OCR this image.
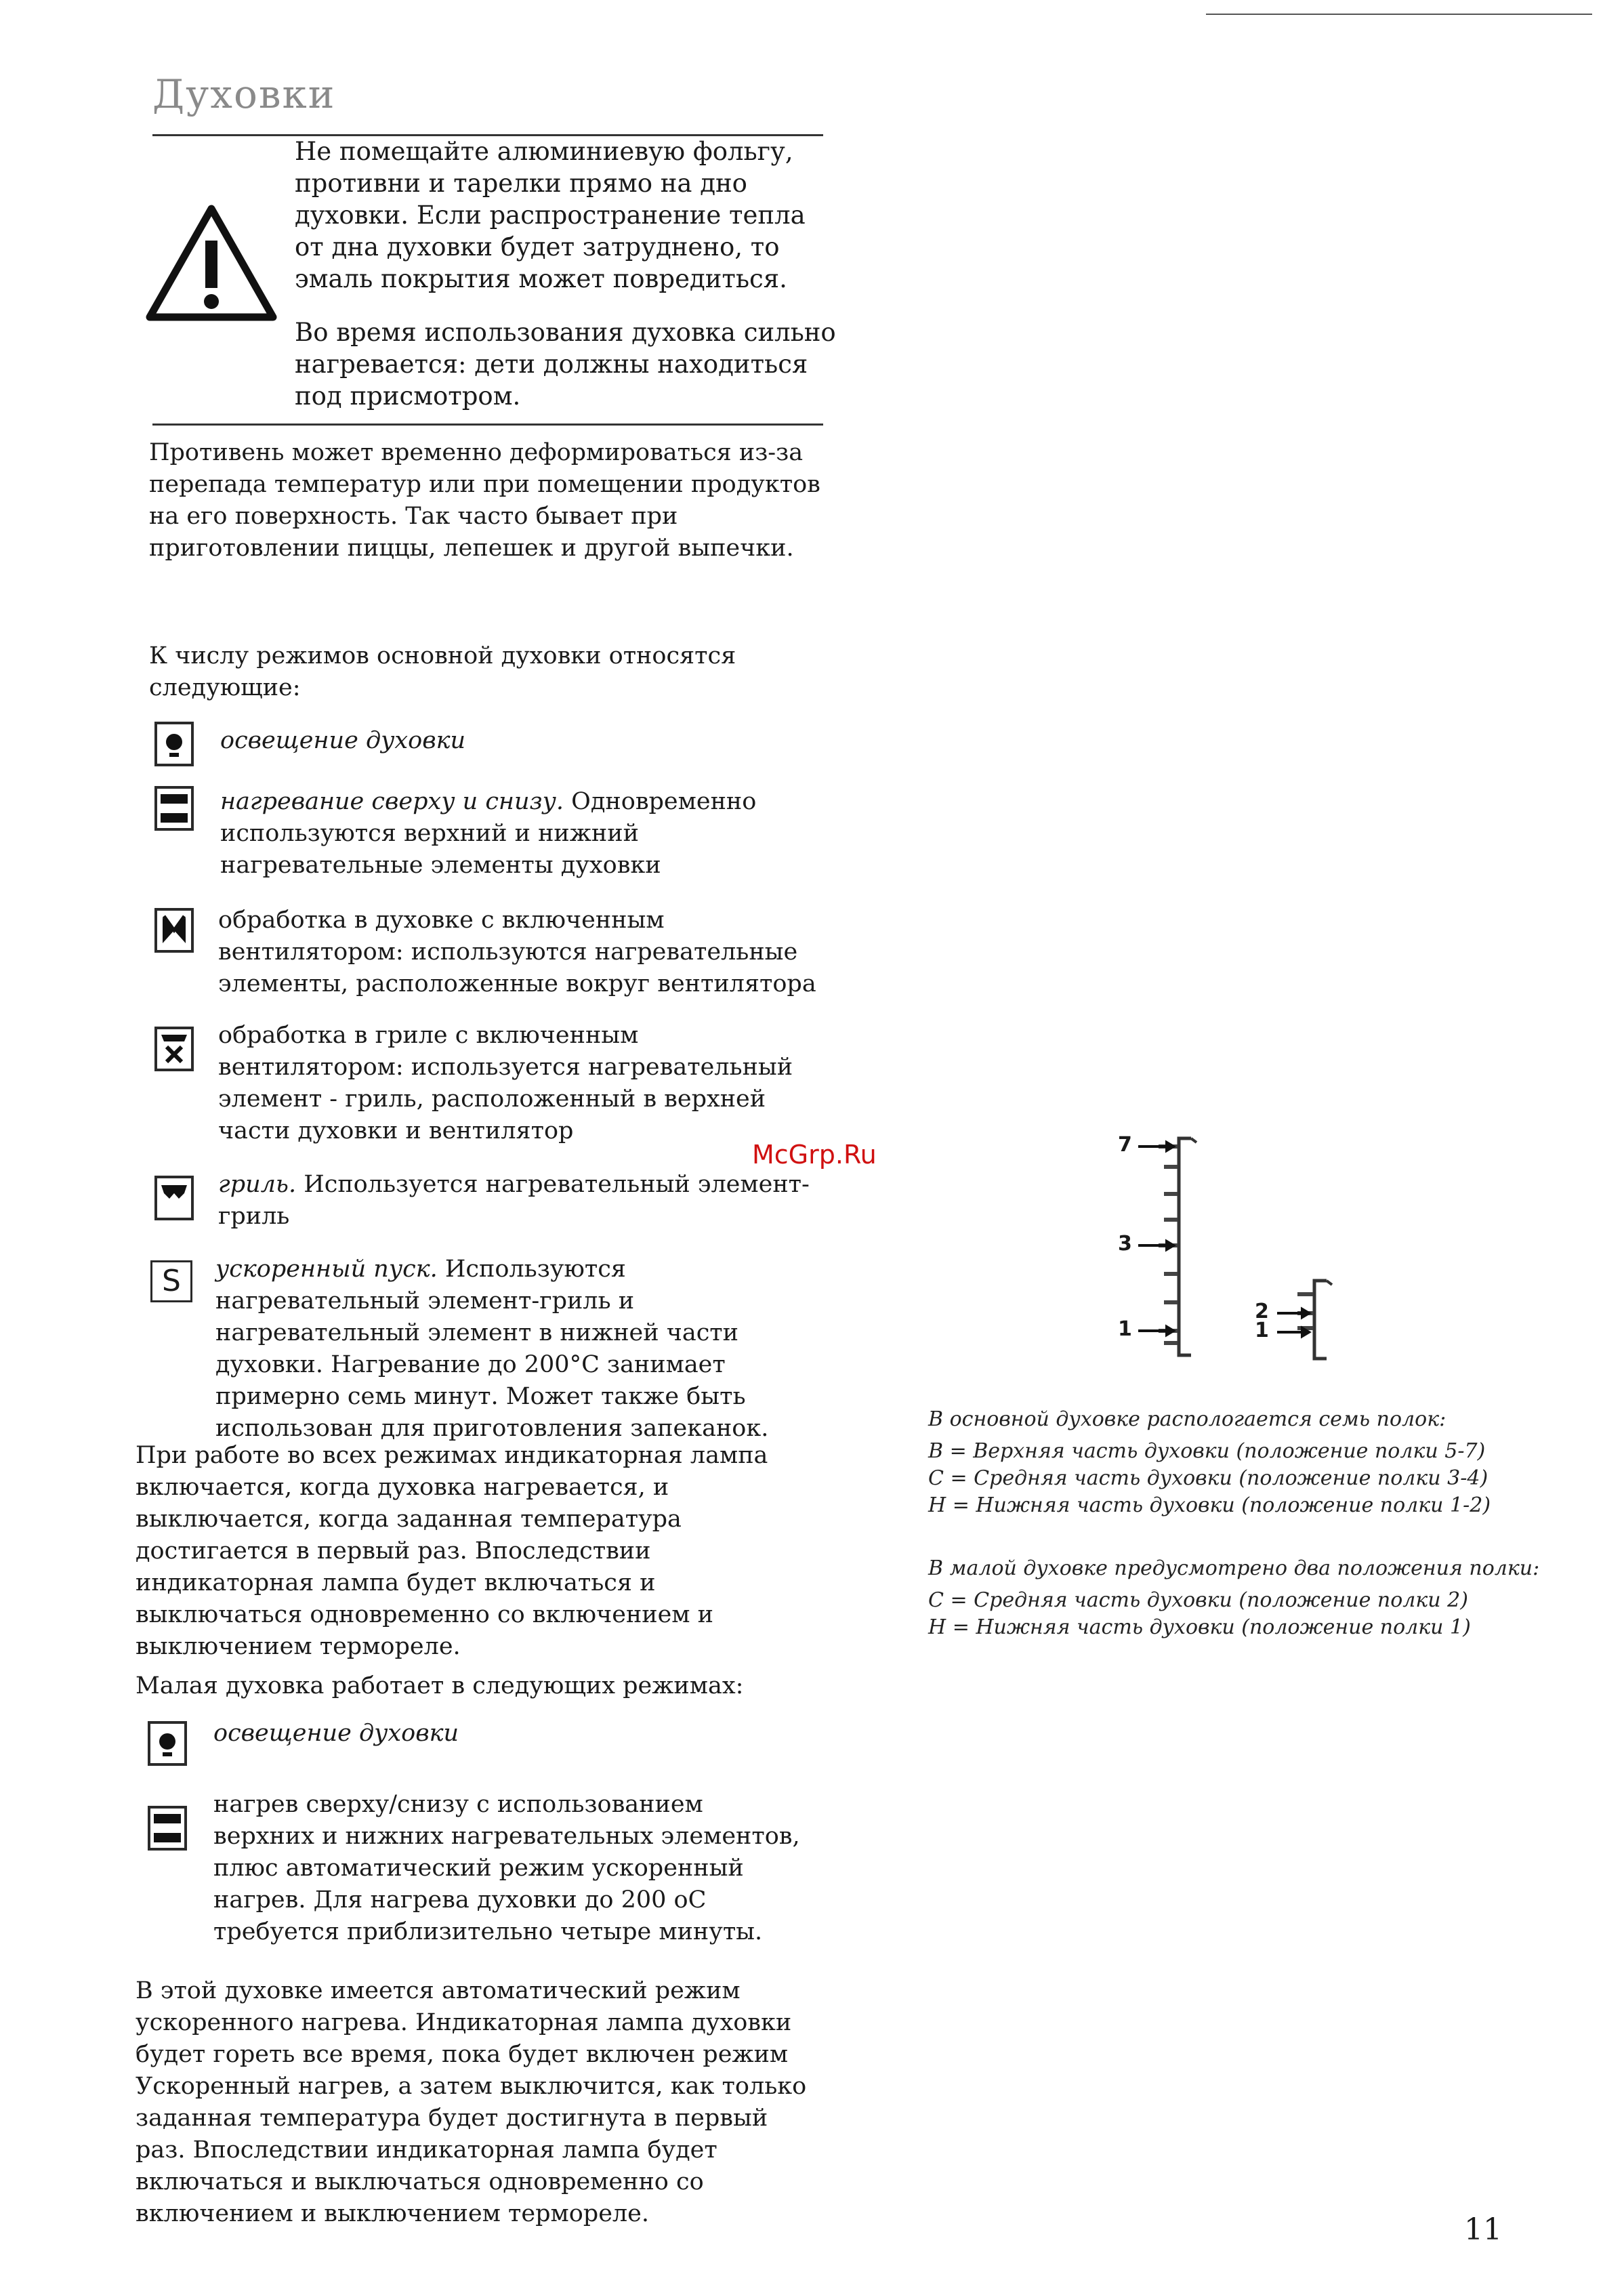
Духовки
Не помещайте алюминиевую фольгу, противни и тарелки прямо на дно духовки. Если распространение тепла от дна духовки будет затруднено, то эмаль покрытия может повредиться.
Во время использования духовка сильно нагревается: дети должны находиться под присмотром.
Противень может временно деформироваться из-за перепада температур или при помещении продуктов на его поверхность. Так часто бывает при приготовлении пиццы, лепешек и другой выпечки.
К числу режимов основной духовки относятся следующие:
освещение духовки
нагревание сверху и снизу. Одновременно используются верхний и нижний нагревательные элементы духовки
обработка в духовке с включенным вентилятором: используются нагревательные элементы, расположенные вокруг вентилятора
обработка в гриле с включенным вентилятором: используется нагревательный элемент - гриль, расположенный в верхней части духовки и вентилятор
гриль. Используется нагревательный элемент-гриль
S	ускоренный пуск. Используются нагревательный элемент-гриль и нагревательный элемент в нижней части духовки. Нагревание до 200°С занимает примерно семь минут. Может также быть использован для приготовления запеканок.
При работе во всех режимах индикаторная лампа включается, когда духовка нагревается, и выключается, когда заданная температура достигается в первый раз. Впоследствии индикаторная лампа будет включаться и выключаться одновременно со включением и выключением термореле.
Малая духовка работает в следующих режимах:
освещение духовки
нагрев сверху/снизу с использованием верхних и нижних нагревательных элементов, плюс автоматический режим ускоренный нагрев. Для нагрева духовки до 200 оС требуется приблизительно четыре минуты.
В этой духовке имеется автоматический режим ускоренного нагрева. Индикаторная лампа духовки будет гореть все время, пока будет включен режим Ускоренный нагрев, а затем выключится, как только заданная температура будет достигнута в первый раз. Впоследствии индикаторная лампа будет включаться и выключаться одновременно со включением и выключением термореле.
McGrp.Ru	7
3
1
2
1
В основной духовке распологается семь полок:
В = Верхняя часть духовки (положение полки 5-7)
С = Средняя часть духовки (положение полки 3-4)
Н = Нижняя часть духовки (положение полки 1-2)
В малой духовке предусмотрено два положения полки:
С = Средняя часть духовки (положение полки 2)
Н = Нижняя часть духовки (положение полки 1)
11
